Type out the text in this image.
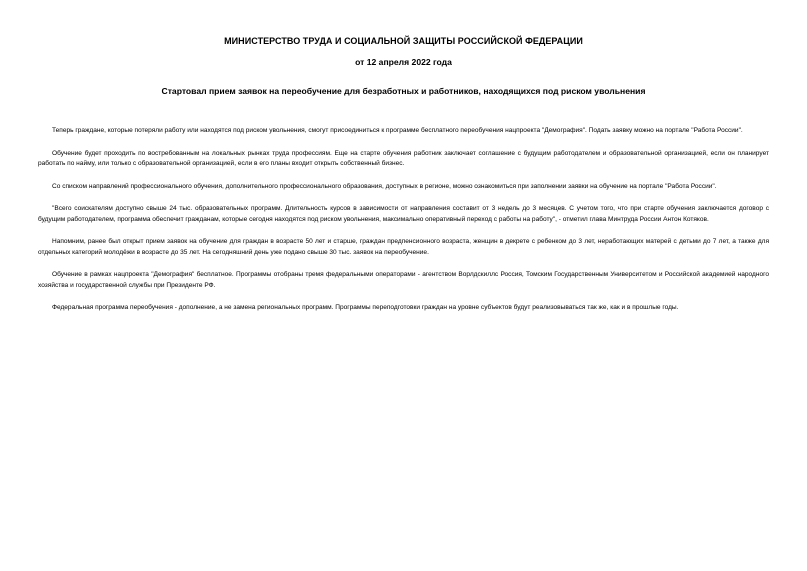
МИНИСТЕРСТВО ТРУДА И СОЦИАЛЬНОЙ ЗАЩИТЫ РОССИЙСКОЙ ФЕДЕРАЦИИ
от 12 апреля 2022 года
Стартовал прием заявок на переобучение для безработных и работников, находящихся под риском увольнения

Теперь граждане, которые потеряли работу или находятся под риском увольнения, смогут присоединиться к программе бесплатного переобучения нацпроекта "Демография". Подать заявку можно на портале "Работа России".

Обучение будет проходить по востребованным на локальных рынках труда профессиям. Еще на старте обучения работник заключает соглашение с будущим работодателем и образовательной организацией, если он планирует работать по найму, или только с образовательной организацией, если в его планы входит открыть собственный бизнес.

Со списком направлений профессионального обучения, дополнительного профессионального образования, доступных в регионе, можно ознакомиться при заполнении заявки на обучение на портале "Работа России".

"Всего соискателям доступно свыше 24 тыс. образовательных программ. Длительность курсов в зависимости от направления составит от 3 недель до 3 месяцев. С учетом того, что при старте обучения заключается договор с будущим работодателем, программа обеспечит гражданам, которые сегодня находятся под риском увольнения, максимально оперативный переход с работы на работу", - отметил глава Минтруда России Антон Котяков.

Напомним, ранее был открыт прием заявок на обучение для граждан в возрасте 50 лет и старше, граждан предпенсионного возраста, женщин в декрете с ребенком до 3 лет, неработающих матерей с детьми до 7 лет, а также для отдельных категорий молодёжи в возрасте до 35 лет. На сегодняшний день уже подано свыше 30 тыс. заявок на переобучение.

Обучение в рамках нацпроекта "Демография" бесплатное. Программы отобраны тремя федеральными операторами - агентством Ворлдскиллс Россия, Томским Государственным Университетом и Российской академией народного хозяйства и государственной службы при Президенте РФ.

Федеральная программа переобучения - дополнение, а не замена региональных программ. Программы переподготовки граждан на уровне субъектов будут реализовываться так же, как и в прошлые годы.
